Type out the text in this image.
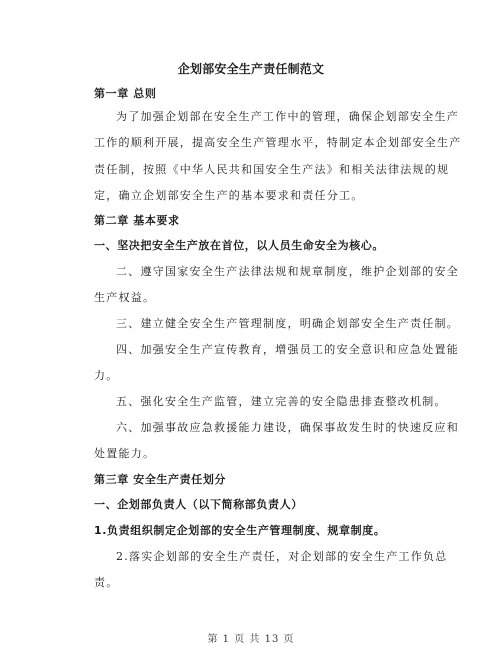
企划部安全生产责任制范文
第一章 总则
为了加强企划部在安全生产工作中的管理，确保企划部安全生产
工作的顺利开展，提高安全生产管理水平，特制定本企划部安全生产
责任制，按照《中华人民共和国安全生产法》和相关法律法规的规
定，确立企划部安全生产的基本要求和责任分工。
第二章 基本要求
一、坚决把安全生产放在首位，以人员生命安全为核心。
二、遵守国家安全生产法律法规和规章制度，维护企划部的安全
生产权益。
三、建立健全安全生产管理制度，明确企划部安全生产责任制。
四、加强安全生产宣传教育，增强员工的安全意识和应急处置能
力。
五、强化安全生产监管，建立完善的安全隐患排查整改机制。
六、加强事故应急救援能力建设，确保事故发生时的快速反应和
处置能力。
第三章 安全生产责任划分
一、企划部负责人（以下简称部负责人）
1.负责组织制定企划部的安全生产管理制度、规章制度。
2.落实企划部的安全生产责任，对企划部的安全生产工作负总
责。
第 1 页 共 13 页
